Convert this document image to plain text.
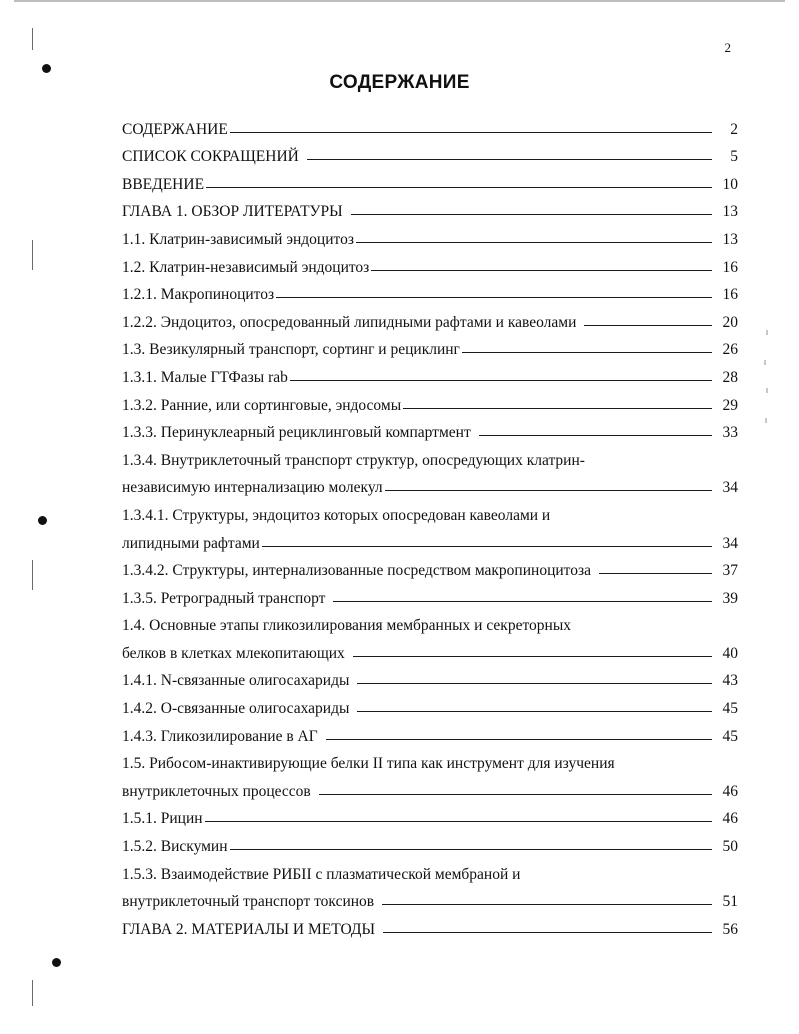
2
СОДЕРЖАНИЕ
СОДЕРЖАНИЕ	2
СПИСОК СОКРАЩЕНИЙ	5
ВВЕДЕНИЕ	10
ГЛАВА 1. ОБЗОР ЛИТЕРАТУРЫ	13
1.1. Клатрин-зависимый эндоцитоз	13
1.2. Клатрин-независимый эндоцитоз	16
1.2.1. Макропиноцитоз	16
1.2.2. Эндоцитоз, опосредованный липидными рафтами и кавеолами	20
1.3. Везикулярный транспорт, сортинг и рециклинг	26
1.3.1. Малые ГТФазы rab	28
1.3.2. Ранние, или сортинговые, эндосомы	29
1.3.3. Перинуклеарный рециклинговый компартмент	33
1.3.4. Внутриклеточный транспорт структур, опосредующих клатрин-
независимую интернализацию молекул	34
1.3.4.1. Структуры, эндоцитоз которых опосредован кавеолами и
липидными рафтами	34
1.3.4.2. Структуры, интернализованные посредством макропиноцитоза	37
1.3.5. Ретроградный транспорт	39
1.4. Основные этапы гликозилирования мембранных и секреторных
белков в клетках млекопитающих	40
1.4.1. N-связанные олигосахариды	43
1.4.2. О-связанные олигосахариды	45
1.4.3. Гликозилирование в АГ	45
1.5. Рибосом-инактивирующие белки II типа как инструмент для изучения
внутриклеточных процессов	46
1.5.1. Рицин	46
1.5.2. Вискумин	50
1.5.3. Взаимодействие РИБII с плазматической мембраной и
внутриклеточный транспорт токсинов	51
ГЛАВА 2. МАТЕРИАЛЫ И МЕТОДЫ	56
